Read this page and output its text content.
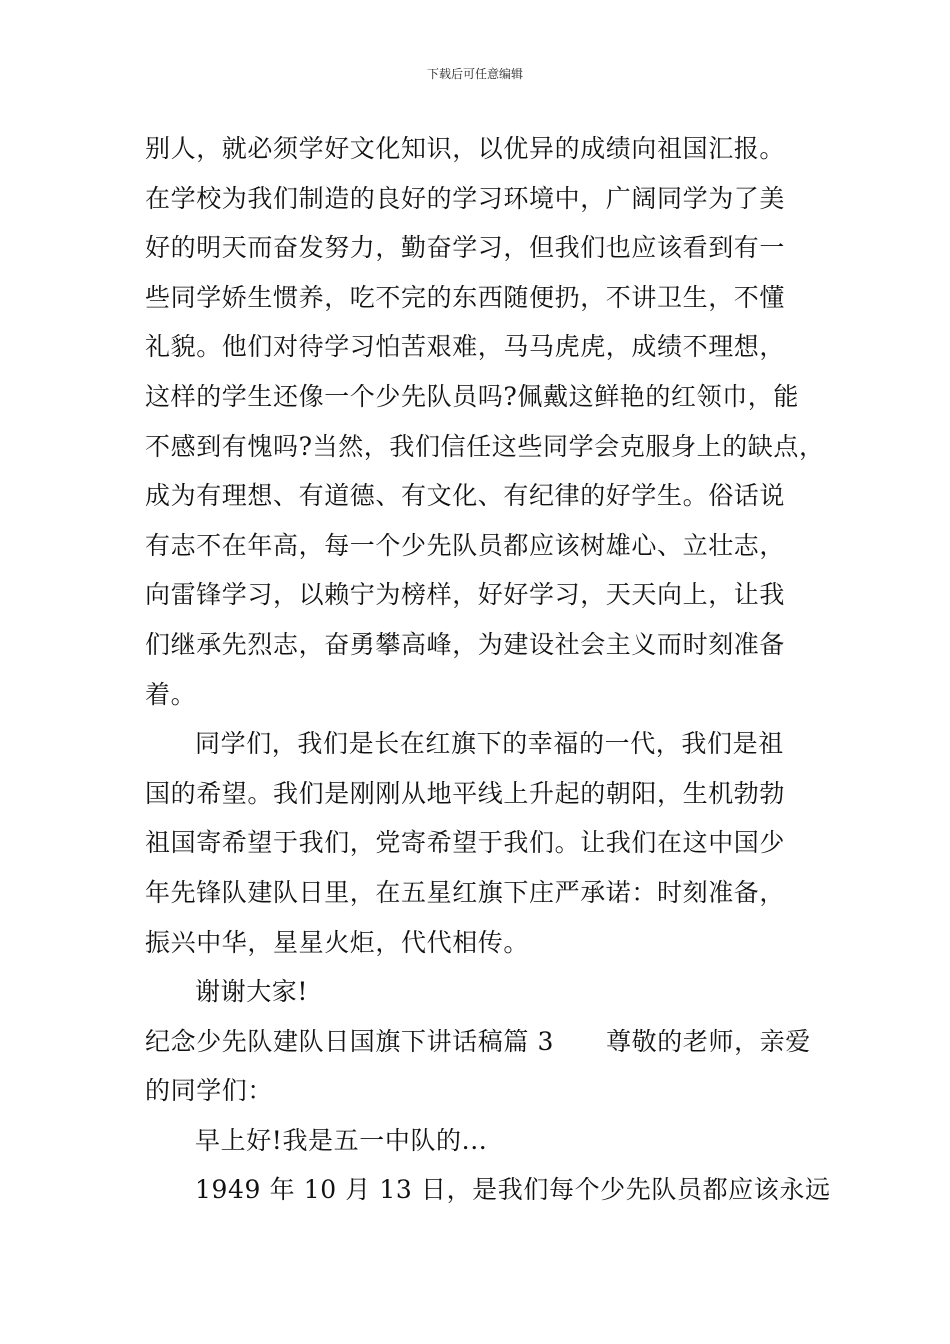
下载后可任意编辑
别人，就必须学好文化知识，以优异的成绩向祖国汇报。
在学校为我们制造的良好的学习环境中，广阔同学为了美
好的明天而奋发努力，勤奋学习，但我们也应该看到有一
些同学娇生惯养，吃不完的东西随便扔，不讲卫生，不懂
礼貌。他们对待学习怕苦艰难，马马虎虎，成绩不理想，
这样的学生还像一个少先队员吗?佩戴这鲜艳的红领巾，能
不感到有愧吗?当然，我们信任这些同学会克服身上的缺点，
成为有理想、有道德、有文化、有纪律的好学生。俗话说
有志不在年高，每一个少先队员都应该树雄心、立壮志，
向雷锋学习，以赖宁为榜样，好好学习，天天向上，让我
们继承先烈志，奋勇攀高峰，为建设社会主义而时刻准备
着。
同学们，我们是长在红旗下的幸福的一代，我们是祖
国的希望。我们是刚刚从地平线上升起的朝阳，生机勃勃
祖国寄希望于我们，党寄希望于我们。让我们在这中国少
年先锋队建队日里，在五星红旗下庄严承诺：时刻准备，
振兴中华，星星火炬，代代相传。
谢谢大家!
纪念少先队建队日国旗下讲话稿篇 3 尊敬的老师，亲爱
的同学们：
早上好!我是五一中队的...
1949 年 10 月 13 日，是我们每个少先队员都应该永远
